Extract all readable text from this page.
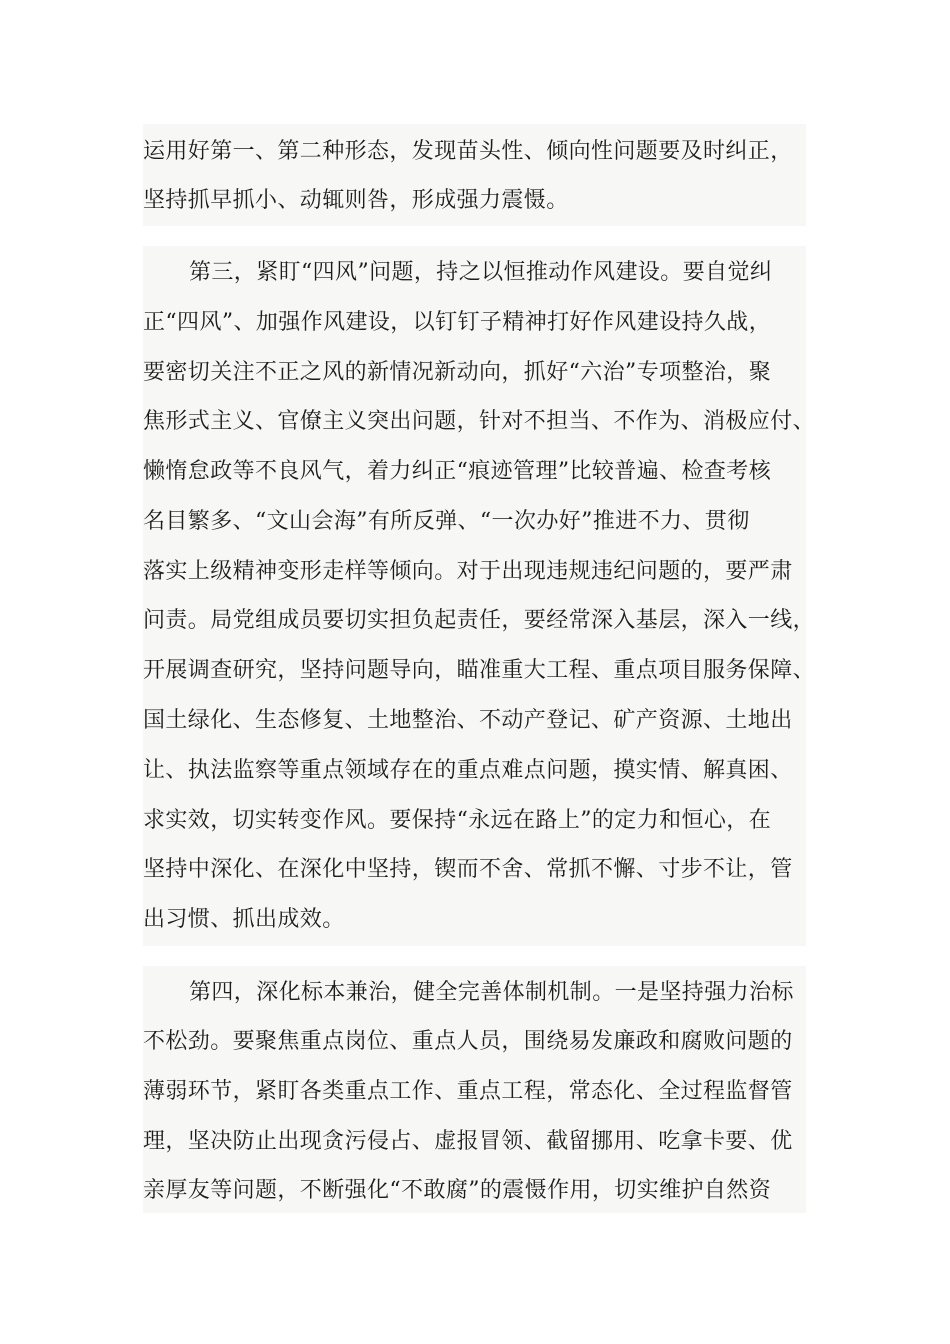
运用好第一、第二种形态，发现苗头性、倾向性问题要及时纠正，
坚持抓早抓小、动辄则咎，形成强力震慑。
第三，紧盯“四风”问题，持之以恒推动作风建设。要自觉纠
正“四风”、加强作风建设，以钉钉子精神打好作风建设持久战，
要密切关注不正之风的新情况新动向，抓好“六治”专项整治，聚
焦形式主义、官僚主义突出问题，针对不担当、不作为、消极应付、
懒惰怠政等不良风气，着力纠正“痕迹管理”比较普遍、检查考核
名目繁多、“文山会海”有所反弹、“一次办好”推进不力、贯彻
落实上级精神变形走样等倾向。对于出现违规违纪问题的，要严肃
问责。局党组成员要切实担负起责任，要经常深入基层，深入一线，
开展调查研究，坚持问题导向，瞄准重大工程、重点项目服务保障、
国土绿化、生态修复、土地整治、不动产登记、矿产资源、土地出
让、执法监察等重点领域存在的重点难点问题，摸实情、解真困、
求实效，切实转变作风。要保持“永远在路上”的定力和恒心，在
坚持中深化、在深化中坚持，锲而不舍、常抓不懈、寸步不让，管
出习惯、抓出成效。
第四，深化标本兼治，健全完善体制机制。一是坚持强力治标
不松劲。要聚焦重点岗位、重点人员，围绕易发廉政和腐败问题的
薄弱环节，紧盯各类重点工作、重点工程，常态化、全过程监督管
理，坚决防止出现贪污侵占、虚报冒领、截留挪用、吃拿卡要、优
亲厚友等问题，不断强化“不敢腐”的震慑作用，切实维护自然资
